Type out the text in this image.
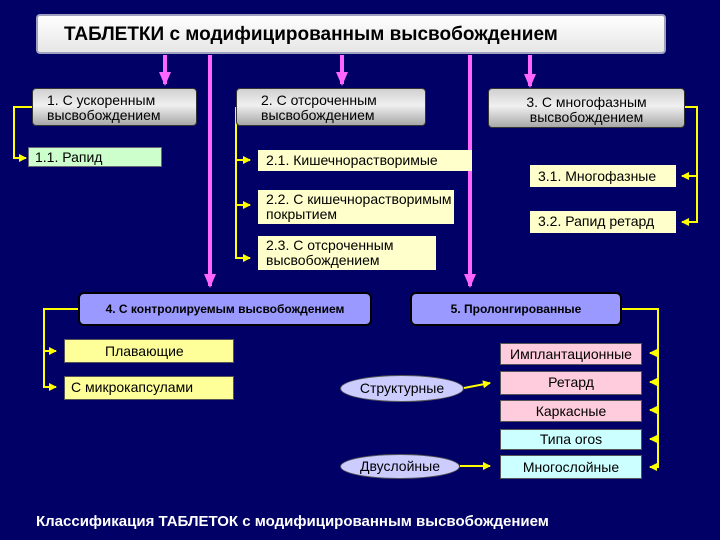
ТАБЛЕТКИ с модифицированным высвобождением
1. С ускоренным
высвобождением
2. С отсроченным
высвобождением
3. С многофазным
высвобождением
1.1. Рапид	2.1. Кишечнорастворимые
2.2. С кишечнорастворимым
покрытием
2.3. С отсроченным
высвобождением
3.1. Многофазные
3.2. Рапид ретард
4. С контролируемым высвобождением	5. Пролонгированные
Плавающие
С микрокапсулами
Имплантационные
Ретард
Каркасные
Типа oros
Многослойные
Структурные
Двуслойные
Классификация ТАБЛЕТОК с модифицированным высвобождением
